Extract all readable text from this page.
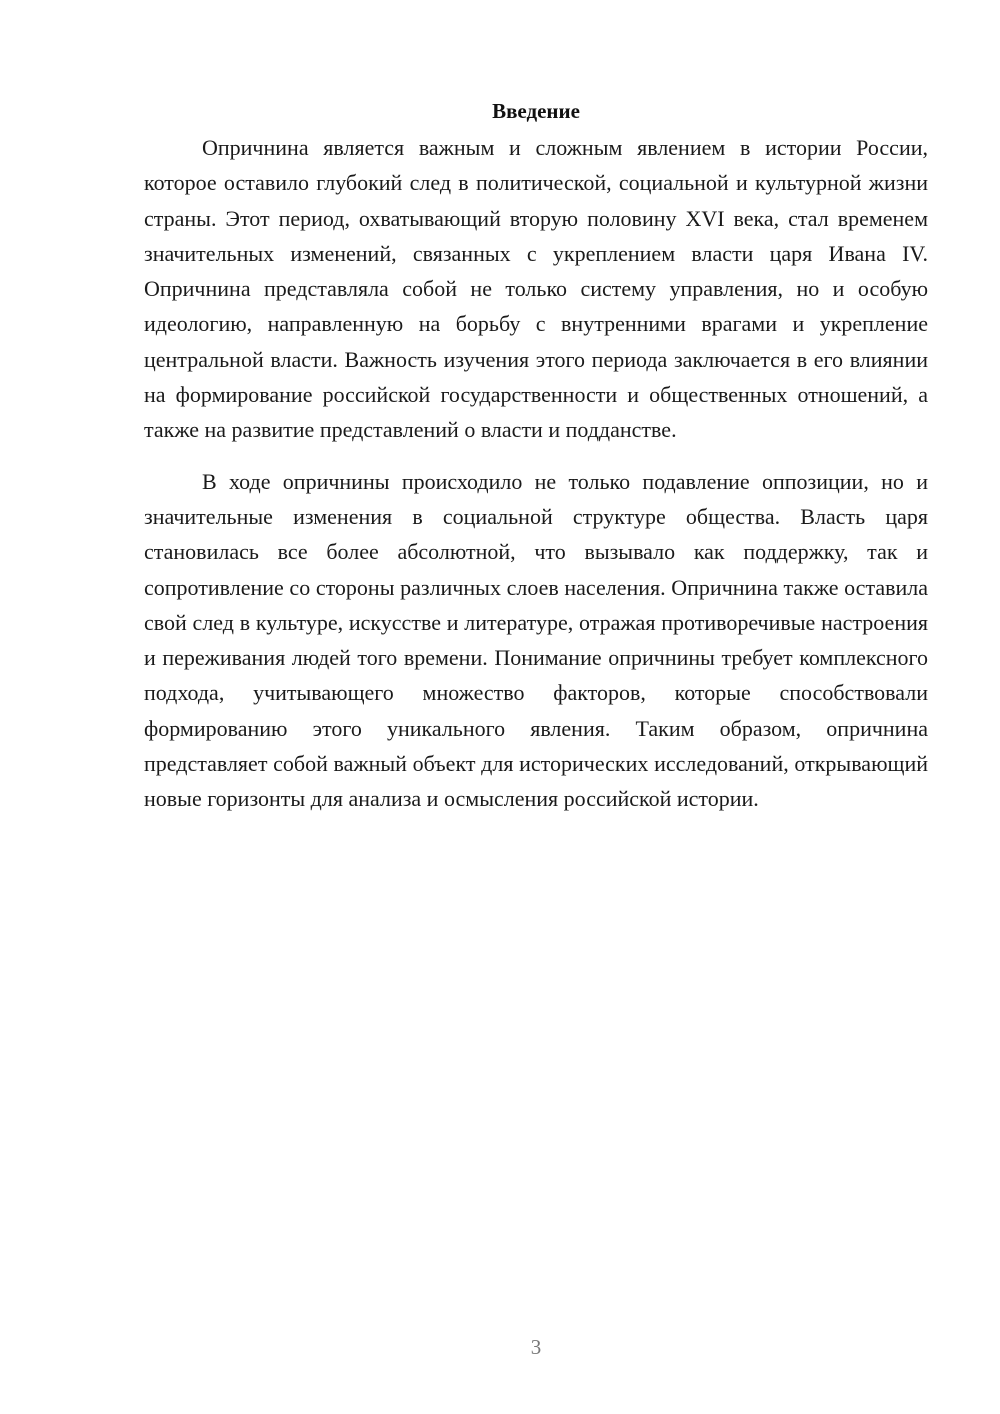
Введение

Опричнина является важным и сложным явлением в истории России, которое оставило глубокий след в политической, социальной и культурной жизни страны. Этот период, охватывающий вторую половину XVI века, стал временем значительных изменений, связанных с укреплением власти царя Ивана IV. Опричнина представляла собой не только систему управления, но и особую идеологию, направленную на борьбу с внутренними врагами и укрепление центральной власти. Важность изучения этого периода заключается в его влиянии на формирование российской государственности и общественных отношений, а также на развитие представлений о власти и подданстве.

В ходе опричнины происходило не только подавление оппозиции, но и значительные изменения в социальной структуре общества. Власть царя становилась все более абсолютной, что вызывало как поддержку, так и сопротивление со стороны различных слоев населения. Опричнина также оставила свой след в культуре, искусстве и литературе, отражая противоречивые настроения и переживания людей того времени. Понимание опричнины требует комплексного подхода, учитывающего множество факторов, которые способствовали формированию этого уникального явления. Таким образом, опричнина представляет собой важный объект для исторических исследований, открывающий новые горизонты для анализа и осмысления российской истории.

3
